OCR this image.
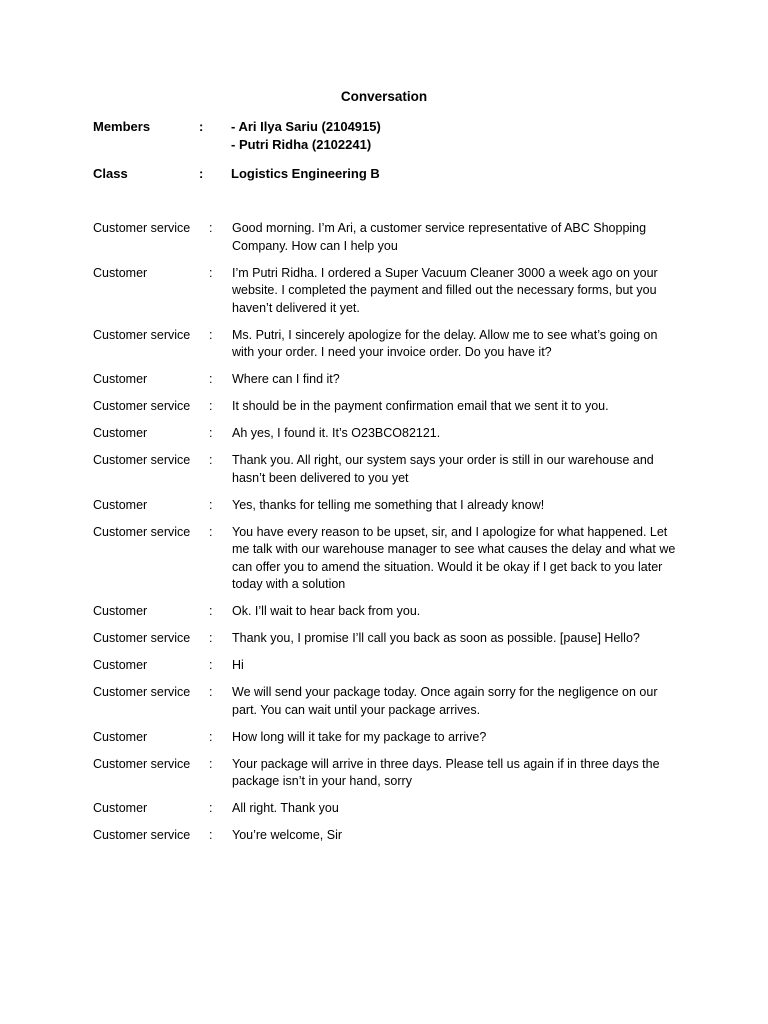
Conversation
Members	: - Ari Ilya Sariu (2104915)
- Putri Ridha (2102241)
Class	: Logistics Engineering B
Customer service : Good morning. I’m Ari, a customer service representative of ABC Shopping Company. How can I help you
Customer	: I’m Putri Ridha. I ordered a Super Vacuum Cleaner 3000 a week ago on your website. I completed the payment and filled out the necessary forms, but you haven’t delivered it yet.
Customer service : Ms. Putri, I sincerely apologize for the delay. Allow me to see what’s going on with your order. I need your invoice order. Do you have it?
Customer	: Where can I find it?
Customer service : It should be in the payment confirmation email that we sent it to you.
Customer	: Ah yes, I found it. It’s O23BCO82121.
Customer service : Thank you. All right, our system says your order is still in our warehouse and hasn’t been delivered to you yet
Customer	: Yes, thanks for telling me something that I already know!
Customer service : You have every reason to be upset, sir, and I apologize for what happened. Let me talk with our warehouse manager to see what causes the delay and what we can offer you to amend the situation. Would it be okay if I get back to you later today with a solution
Customer	: Ok. I’ll wait to hear back from you.
Customer service : Thank you, I promise I’ll call you back as soon as possible. [pause] Hello?
Customer	: Hi
Customer service : We will send your package today. Once again sorry for the negligence on our part. You can wait until your package arrives.
Customer	: How long will it take for my package to arrive?
Customer service : Your package will arrive in three days. Please tell us again if in three days the package isn’t in your hand, sorry
Customer	: All right. Thank you
Customer service : You’re welcome, Sir
